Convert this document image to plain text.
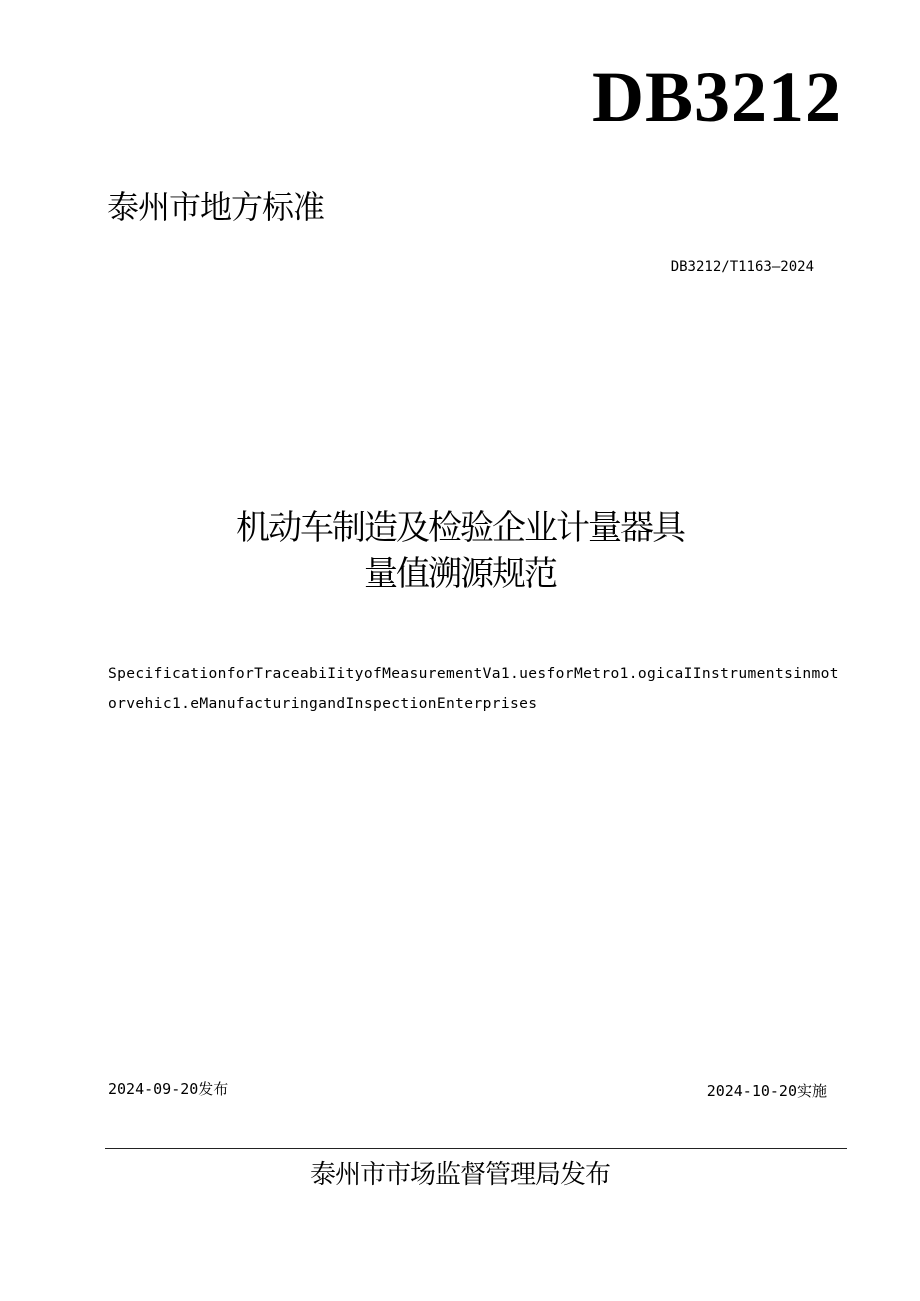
DB3212
泰州市地方标准
DB3212/T1163—2024
机动车制造及检验企业计量器具
量值溯源规范
SpecificationforTraceabiIityofMeasurementVa1.uesforMetro1.ogicaIInstrumentsinmotorvehic1.eManufacturingandInspectionEnterprises
2024-09-20发布	2024-10-20实施
泰州市市场监督管理局发布
